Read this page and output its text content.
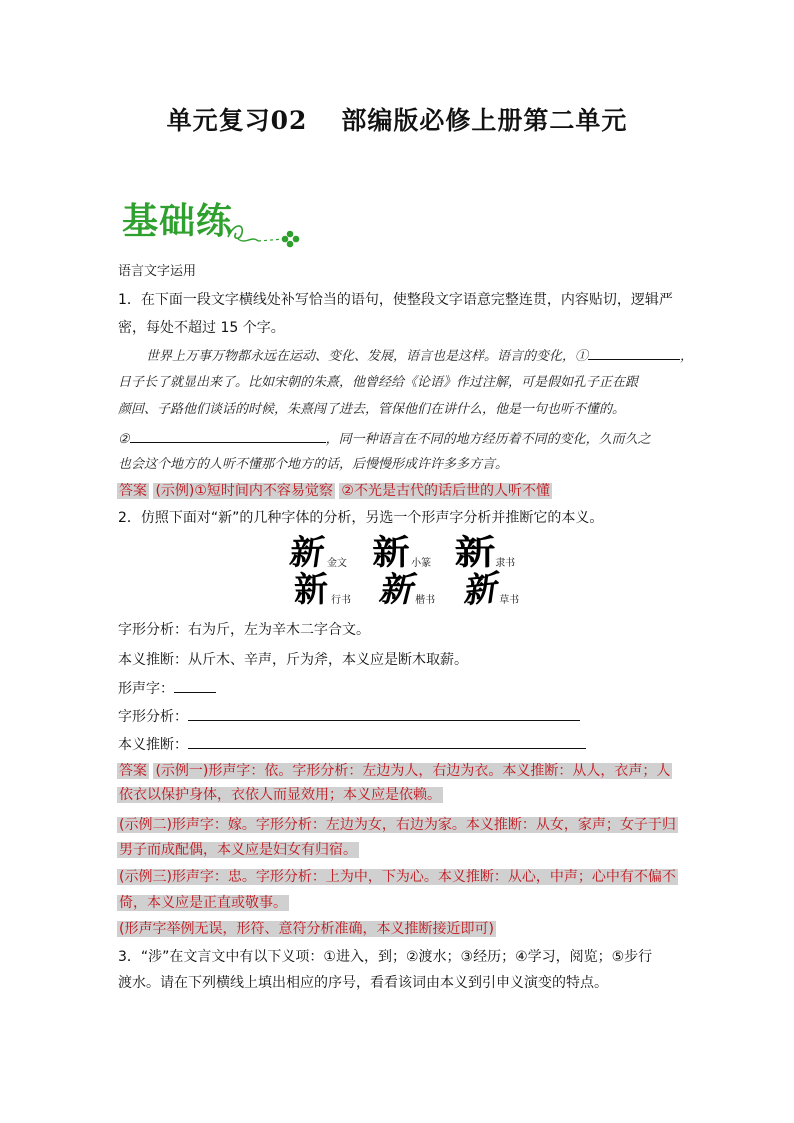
单元复习02 部编版必修上册第二单元
基础练
语言文字运用
1．在下面一段文字横线处补写恰当的语句，使整段文字语意完整连贯，内容贴切，逻辑严
密，每处不超过 15 个字。
世界上万事万物都永远在运动、变化、发展，语言也是这样。语言的变化，①	，
日子长了就显出来了。比如宋朝的朱熹，他曾经给《论语》作过注解，可是假如孔子正在跟
颜回、子路他们谈话的时候，朱熹闯了进去，管保他们在讲什么，他是一句也听不懂的。
②	，同一种语言在不同的地方经历着不同的变化，久而久之
也会这个地方的人听不懂那个地方的话，后慢慢形成许许多多方言。
答案 (示例)①短时间内不容易觉察 ②不光是古代的话后世的人听不懂
2．仿照下面对“新”的几种字体的分析，另选一个形声字分析并推断它的本义。
新金文 新小篆 新隶书
新 行书 新 楷书 新草书
字形分析：右为斤，左为辛木二字合文。
本义推断：从斤木、辛声，斤为斧，本义应是断木取薪。
形声字：
字形分析：
本义推断：
答案 (示例一)形声字：依。字形分析：左边为人，右边为衣。本义推断：从人，衣声；人
依衣以保护身体，衣依人而显效用；本义应是依赖。
(示例二)形声字：嫁。字形分析：左边为女，右边为家。本义推断：从女，家声；女子于归
男子而成配偶，本义应是妇女有归宿。
(示例三)形声字：忠。字形分析：上为中，下为心。本义推断：从心，中声；心中有不偏不
倚，本义应是正直或敬事。
(形声字举例无误，形符、意符分析准确，本义推断接近即可)
3．“涉”在文言文中有以下义项：①进入，到；②渡水；③经历；④学习，阅览；⑤步行
渡水。请在下列横线上填出相应的序号，看看该词由本义到引申义演变的特点。
